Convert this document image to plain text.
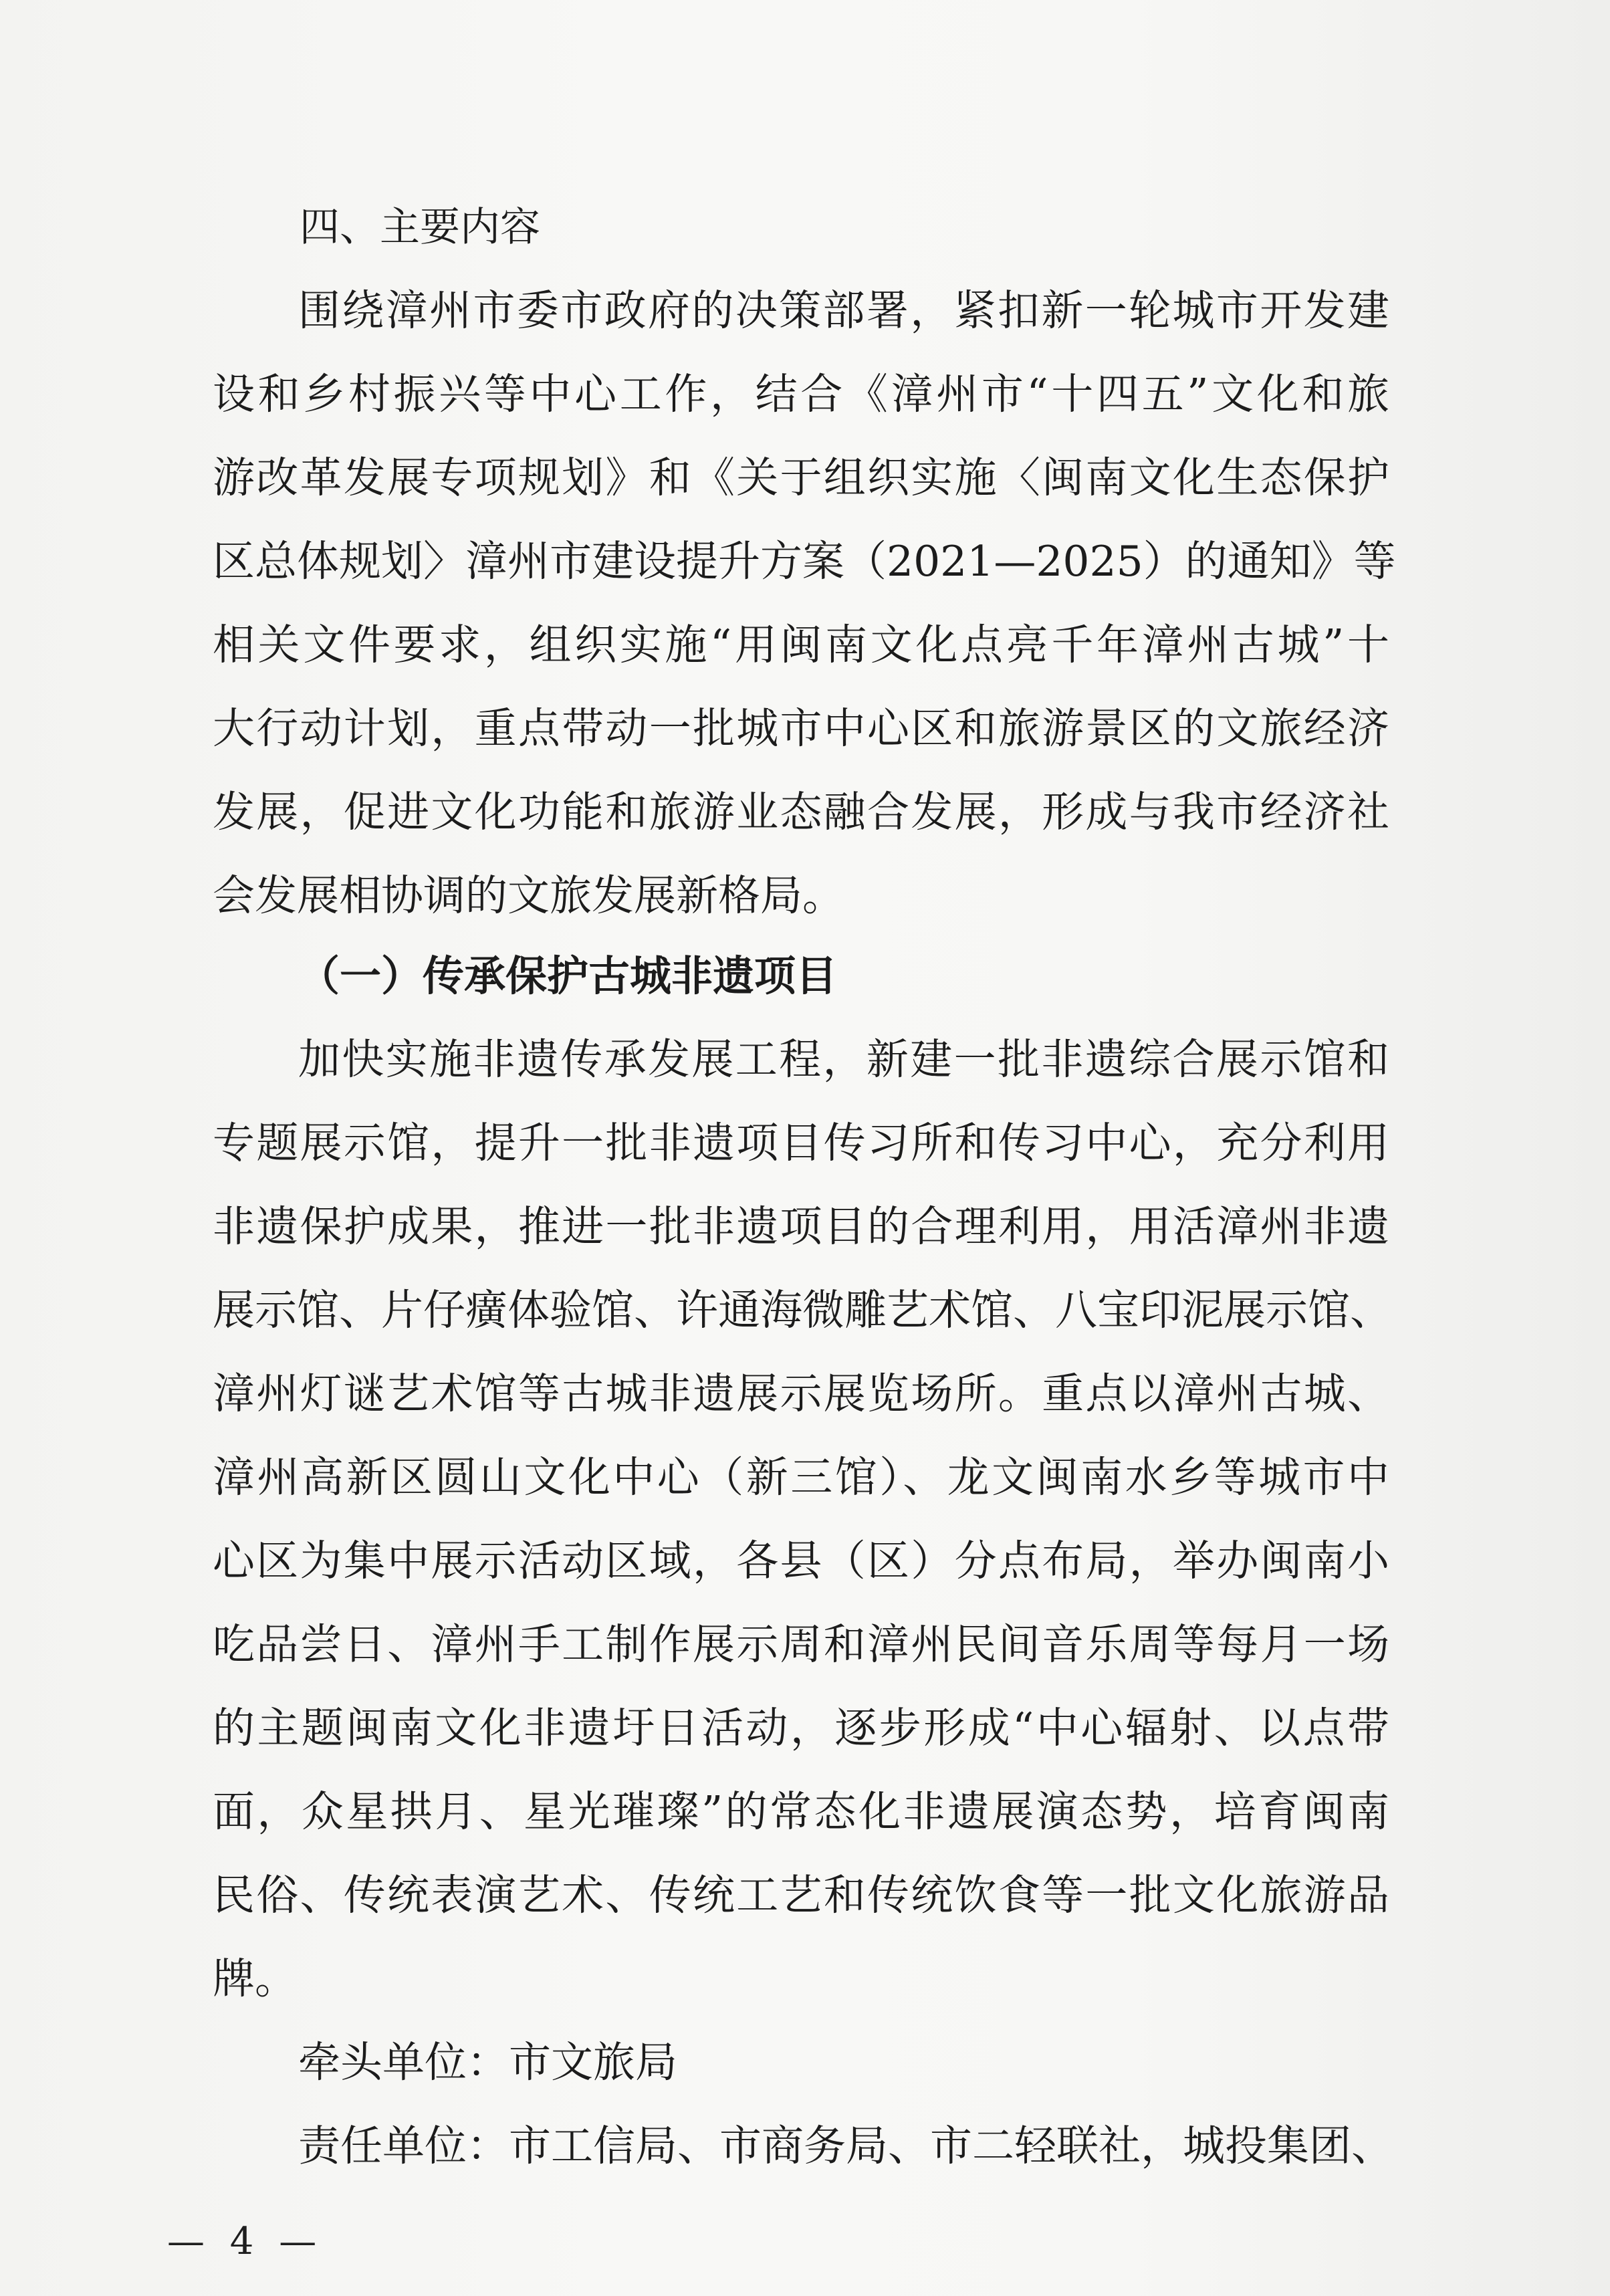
四、主要内容
围绕漳州市委市政府的决策部署，紧扣新一轮城市开发建
设和乡村振兴等中心工作，结合《漳州市“十四五”文化和旅
游改革发展专项规划》和《关于组织实施〈闽南文化生态保护
区总体规划〉漳州市建设提升方案（2021—2025）的通知》等
相关文件要求，组织实施“用闽南文化点亮千年漳州古城”十
大行动计划，重点带动一批城市中心区和旅游景区的文旅经济
发展，促进文化功能和旅游业态融合发展，形成与我市经济社
会发展相协调的文旅发展新格局。
（一）传承保护古城非遗项目
加快实施非遗传承发展工程，新建一批非遗综合展示馆和
专题展示馆，提升一批非遗项目传习所和传习中心，充分利用
非遗保护成果，推进一批非遗项目的合理利用，用活漳州非遗
展示馆、片仔癀体验馆、许通海微雕艺术馆、八宝印泥展示馆、
漳州灯谜艺术馆等古城非遗展示展览场所。重点以漳州古城、
漳州高新区圆山文化中心（新三馆）、龙文闽南水乡等城市中
心区为集中展示活动区域，各县（区）分点布局，举办闽南小
吃品尝日、漳州手工制作展示周和漳州民间音乐周等每月一场
的主题闽南文化非遗圩日活动，逐步形成“中心辐射、以点带
面，众星拱月、星光璀璨”的常态化非遗展演态势，培育闽南
民俗、传统表演艺术、传统工艺和传统饮食等一批文化旅游品
牌。
牵头单位：市文旅局
责任单位：市工信局、市商务局、市二轻联社，城投集团、
— 4 —
